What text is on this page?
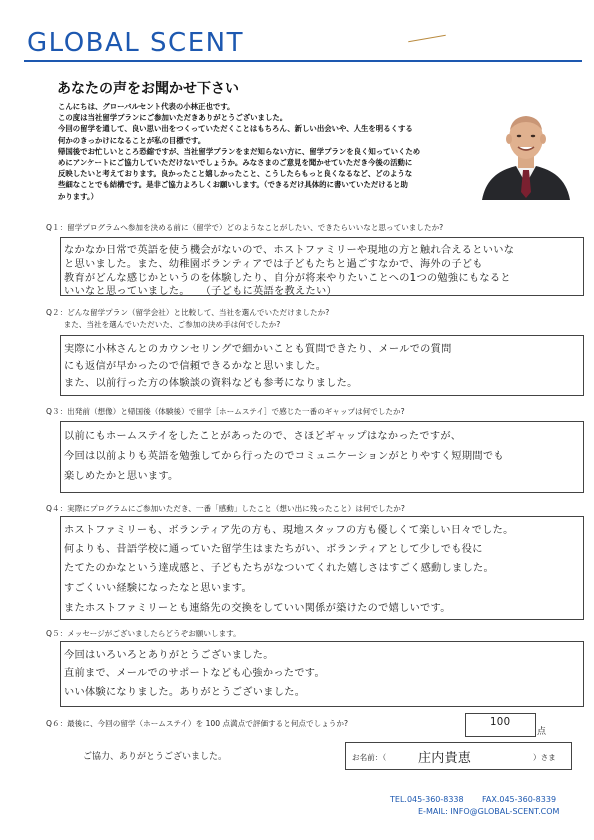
GLOBAL SCENT
あなたの声をお聞かせ下さい

こんにちは、グローバルセント代表の小林正也です。

この度は当社留学プランにご参加いただきありがとうございました。

今回の留学を通して、良い思い出をつくっていただくことはもちろん、新しい出会いや、人生を明るくする

何かのきっかけになることが私の目標です。

帰国後でお忙しいところ恐縮ですが、当社留学プランをまだ知らない方に、留学プランを良く知っていくため

めにアンケートにご協力していただけないでしょうか。みなさまのご意見を聞かせていただき今後の活動に

反映したいと考えております。良かったこと嬉しかったこと、こうしたらもっと良くなるなど、どのような

些細なことでも結構です。是非ご協力よろしくお願いします。（できるだけ具体的に書いていただけると助

かります。）

Q１：留学プログラムへ参加を決める前に（留学で）どのようなことがしたい、できたらいいなと思っていましたか?
なかなか日常で英語を使う機会がないので、ホストファミリーや現地の方と触れ合えるといいな
と思いました。また、幼稚園ボランティアでは子どもたちと過ごすなかで、海外の子ども
教育がどんな感じかというのを体験したり、自分が将来やりたいことへの1つの勉強にもなると
いいなと思っていました。　　（子どもに英語を教えたい）
Q２：どんな留学プラン（留学会社）と比較して、当社を選んでいただけましたか?
　　 また、当社を選んでいただいた、ご参加の決め手は何でしたか?
実際に小林さんとのカウンセリングで細かいことも質問できたり、メールでの質問
にも返信が早かったので信頼できるかなと思いました。
また、以前行った方の体験談の資料なども参考になりました。
Q３：出発前（想像）と帰国後（体験後）で留学［ホームステイ］で感じた一番のギャップは何でしたか?
以前にもホームステイをしたことがあったので、さほどギャップはなかったですが、
今回は以前よりも英語を勉強してから行ったのでコミュニケーションがとりやすく短期間でも
楽しめたかと思います。
Q４：実際にプログラムにご参加いただき、一番「感動」したこと（想い出に残ったこと）は何でしたか?
ホストファミリーも、ボランティア先の方も、現地スタッフの方も優しくて楽しい日々でした。
何よりも、昔語学校に通っていた留学生はまたちがい、ボランティアとして少しでも役に
たてたのかなという達成感と、子どもたちがなついてくれた嬉しさはすごく感動しました。
すごくいい経験になったなと思います。
またホストファミリーとも連絡先の交換をしていい関係が築けたので嬉しいです。
Q５：メッセージがございましたらどうぞお願いします。
今回はいろいろとありがとうございました。
直前まで、メールでのサポートなども心強かったです。
いい体験になりました。ありがとうございました。
Q６：最後に、今回の留学（ホームステイ）を 100 点満点で評価すると何点でしょうか?	100
点
ご協力、ありがとうございました。	お名前：（ 庄内貴恵	）さま
TEL.045-360-8338 FAX.045-360-8339
E-MAIL: INFO@GLOBAL-SCENT.COM
